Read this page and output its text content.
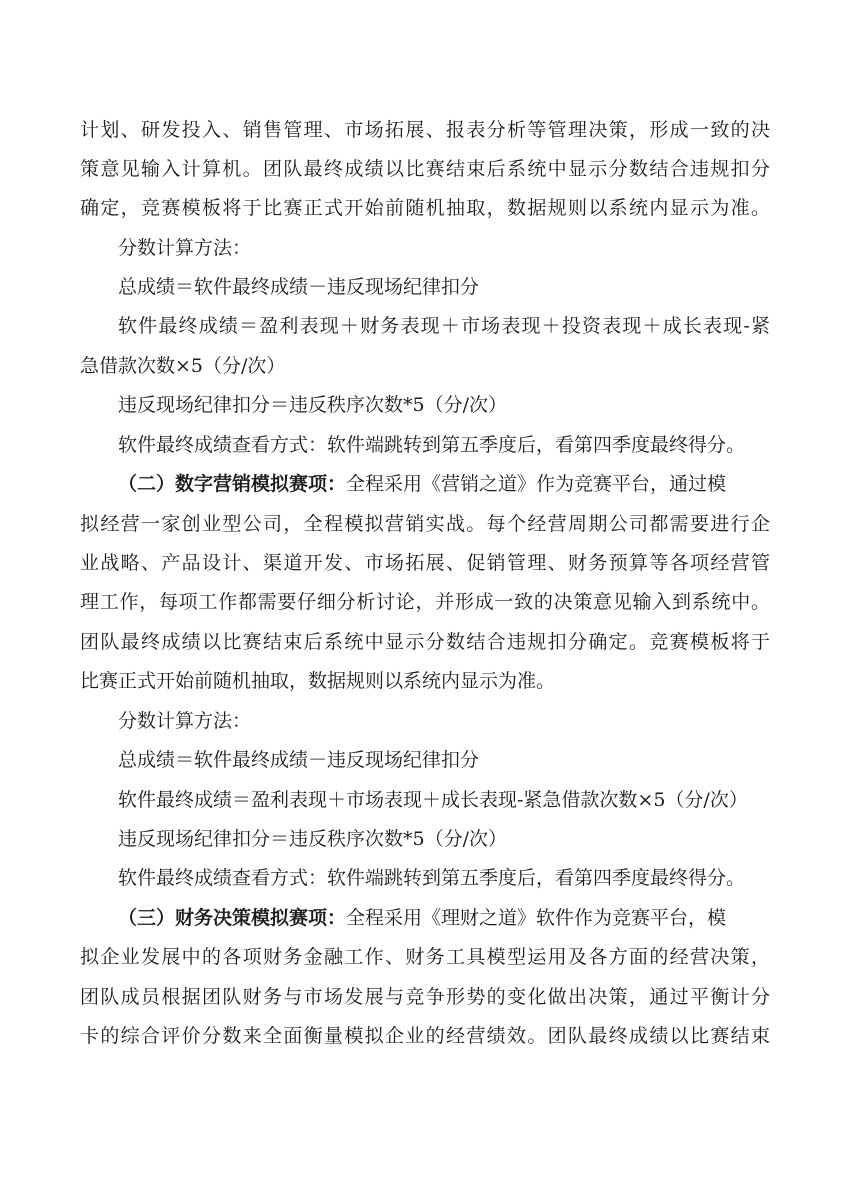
计划、研发投入、销售管理、市场拓展、报表分析等管理决策，形成一致的决
策意见输入计算机。团队最终成绩以比赛结束后系统中显示分数结合违规扣分
确定，竞赛模板将于比赛正式开始前随机抽取，数据规则以系统内显示为准。
分数计算方法：
总成绩＝软件最终成绩－违反现场纪律扣分
软件最终成绩＝盈利表现＋财务表现＋市场表现＋投资表现＋成长表现-紧
急借款次数×5（分/次）
违反现场纪律扣分＝违反秩序次数*5（分/次）
软件最终成绩查看方式：软件端跳转到第五季度后，看第四季度最终得分。
（二）数字营销模拟赛项：全程采用《营销之道》作为竞赛平台，通过模
拟经营一家创业型公司，全程模拟营销实战。每个经营周期公司都需要进行企
业战略、产品设计、渠道开发、市场拓展、促销管理、财务预算等各项经营管
理工作，每项工作都需要仔细分析讨论，并形成一致的决策意见输入到系统中。
团队最终成绩以比赛结束后系统中显示分数结合违规扣分确定。竞赛模板将于
比赛正式开始前随机抽取，数据规则以系统内显示为准。
分数计算方法：
总成绩＝软件最终成绩－违反现场纪律扣分
软件最终成绩＝盈利表现＋市场表现＋成长表现-紧急借款次数×5（分/次）
违反现场纪律扣分＝违反秩序次数*5（分/次）
软件最终成绩查看方式：软件端跳转到第五季度后，看第四季度最终得分。
（三）财务决策模拟赛项：全程采用《理财之道》软件作为竞赛平台，模
拟企业发展中的各项财务金融工作、财务工具模型运用及各方面的经营决策，
团队成员根据团队财务与市场发展与竞争形势的变化做出决策，通过平衡计分
卡的综合评价分数来全面衡量模拟企业的经营绩效。团队最终成绩以比赛结束
